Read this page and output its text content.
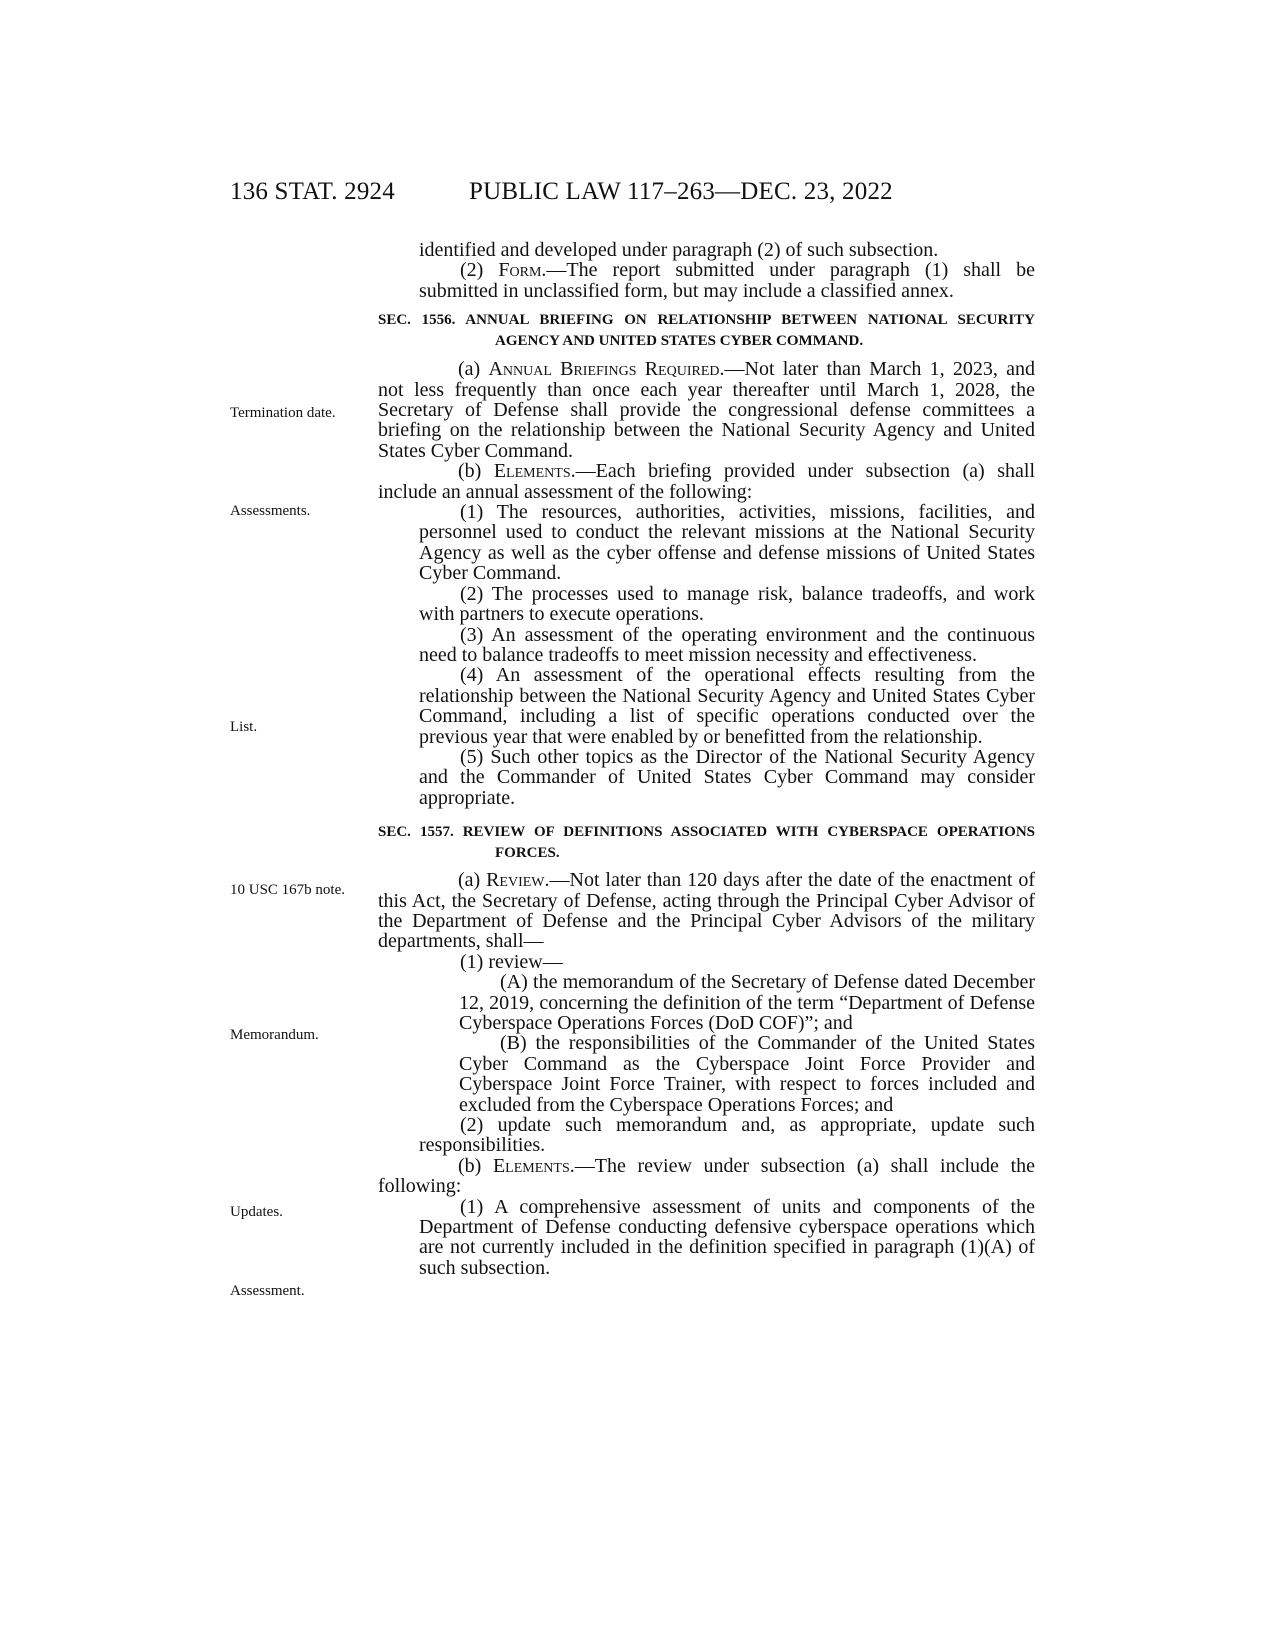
136 STAT. 2924	PUBLIC LAW 117–263—DEC. 23, 2022
Termination date.
Assessments.
List.
10 USC 167b note.
Memorandum.
Updates.
Assessment.

identified and developed under paragraph (2) of such subsection.

(2) Form.—The report submitted under paragraph (1) shall be submitted in unclassified form, but may include a classified annex.

SEC. 1556. ANNUAL BRIEFING ON RELATIONSHIP BETWEEN NATIONAL SECURITY AGENCY AND UNITED STATES CYBER COMMAND.

(a) Annual Briefings Required.—Not later than March 1, 2023, and not less frequently than once each year thereafter until March 1, 2028, the Secretary of Defense shall provide the congressional defense committees a briefing on the relationship between the National Security Agency and United States Cyber Command.

(b) Elements.—Each briefing provided under subsection (a) shall include an annual assessment of the following:

(1) The resources, authorities, activities, missions, facilities, and personnel used to conduct the relevant missions at the National Security Agency as well as the cyber offense and defense missions of United States Cyber Command.

(2) The processes used to manage risk, balance tradeoffs, and work with partners to execute operations.

(3) An assessment of the operating environment and the continuous need to balance tradeoffs to meet mission necessity and effectiveness.

(4) An assessment of the operational effects resulting from the relationship between the National Security Agency and United States Cyber Command, including a list of specific operations conducted over the previous year that were enabled by or benefitted from the relationship.

(5) Such other topics as the Director of the National Security Agency and the Commander of United States Cyber Command may consider appropriate.

SEC. 1557. REVIEW OF DEFINITIONS ASSOCIATED WITH CYBERSPACE OPERATIONS FORCES.

(a) Review.—Not later than 120 days after the date of the enactment of this Act, the Secretary of Defense, acting through the Principal Cyber Advisor of the Department of Defense and the Principal Cyber Advisors of the military departments, shall—

(1) review—

(A) the memorandum of the Secretary of Defense dated December 12, 2019, concerning the definition of the term “Department of Defense Cyberspace Operations Forces (DoD COF)”; and

(B) the responsibilities of the Commander of the United States Cyber Command as the Cyberspace Joint Force Provider and Cyberspace Joint Force Trainer, with respect to forces included and excluded from the Cyberspace Operations Forces; and

(2) update such memorandum and, as appropriate, update such responsibilities.

(b) Elements.—The review under subsection (a) shall include the following:

(1) A comprehensive assessment of units and components of the Department of Defense conducting defensive cyberspace operations which are not currently included in the definition specified in paragraph (1)(A) of such subsection.
